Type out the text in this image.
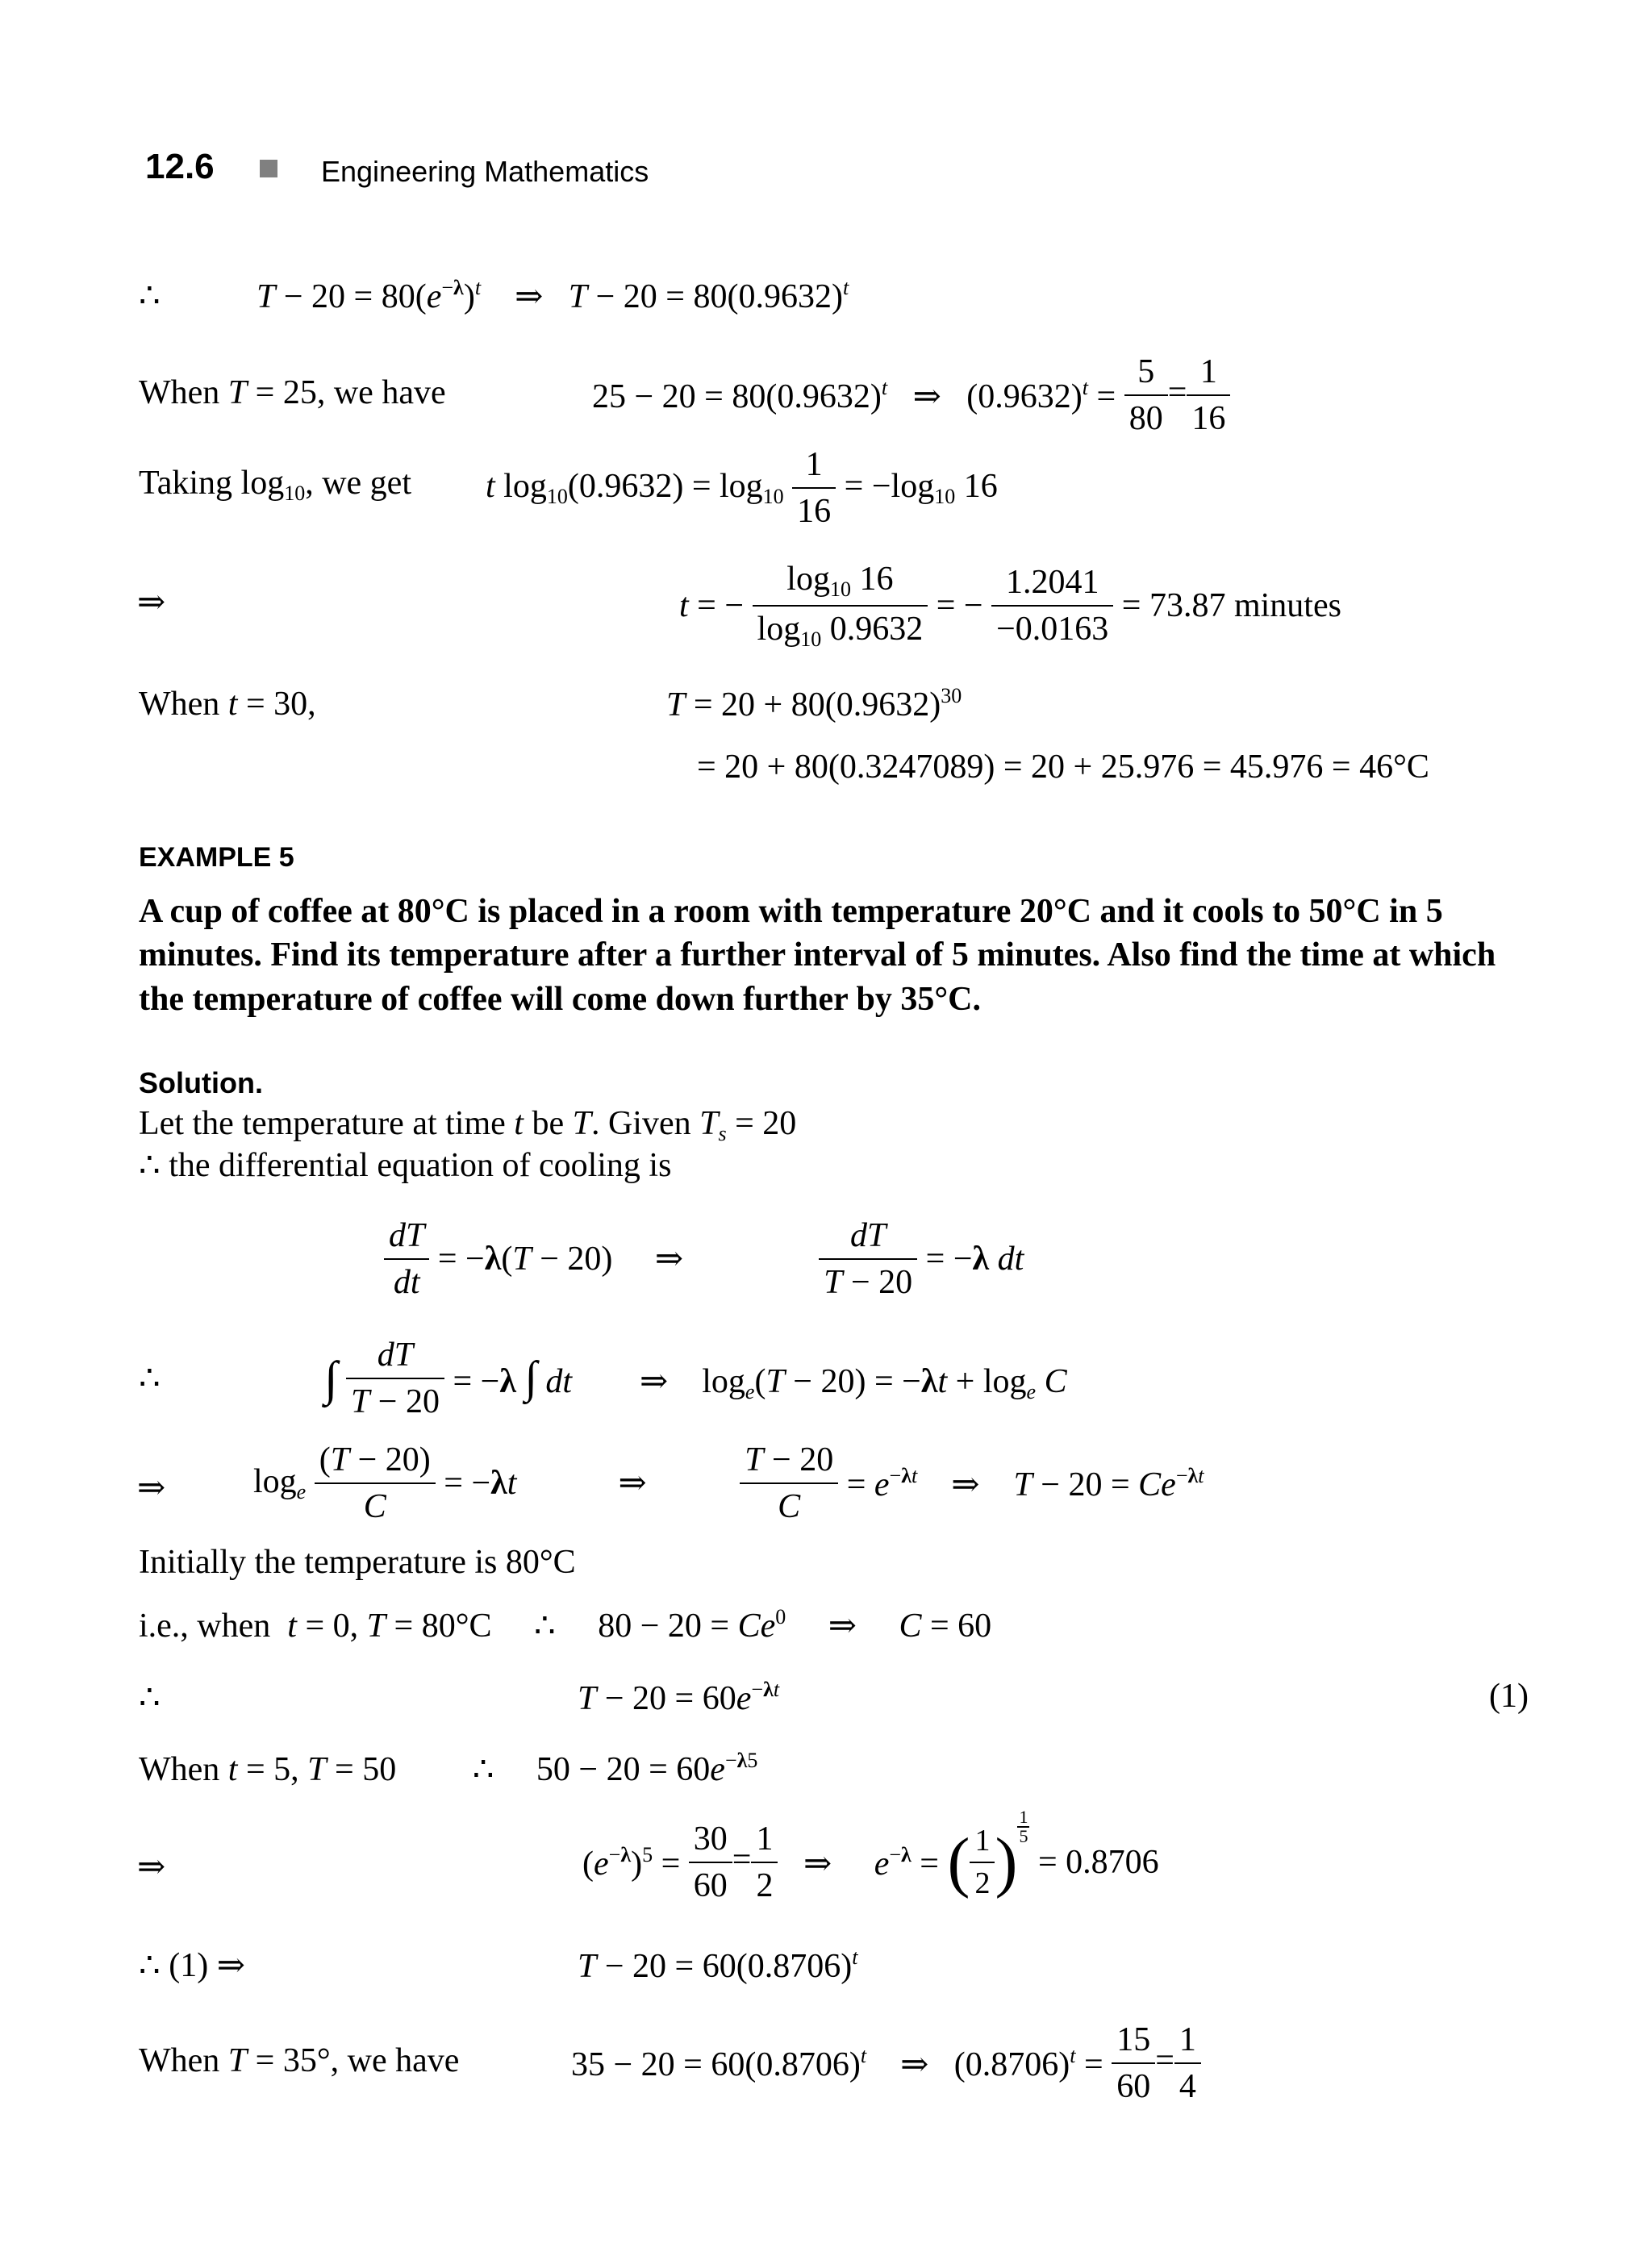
12.6	Engineering Mathematics
∴	$T - 20 = 80(e^{-\lambda})^t$    ⇒   $T - 20 = 80(0.9632)^t$
When T = 25, we have	$25 - 20 = 80(0.9632)^t$   ⇒   $(0.9632)^t = \frac{5}{80} = \frac{1}{16}$
Taking $\log_{10}$, we get t $\log_{10}(0.9632) = \log_{10} \frac{1}{16} = -\log_{10}$ 16
⇒	t = − $\frac{\log_{10} 16}{\log_{10} 0.9632}$ = − $\frac{1.2041}{-0.0163} = 73.87$ minutes
When t = 30,	$T = 20 + 80(0.9632)^{30}$
= 20 + 80(0.3247089) = 20 + 25.976 = 45.976 = 46°C
EXAMPLE 5
A cup of coffee at 80°C is placed in a room with temperature 20°C and it cools to 50°C in 5
minutes. Find its temperature after a further interval of 5 minutes. Also find the time at which
the temperature of coffee will come down further by 35°C.
Solution.
Let the temperature at time t be T. Given $T_s = 20$
∴ the differential equation of cooling is
$\frac{dT}{dt} = -\lambda(T - 20)$     ⇒ $\frac{dT}{T - 20} = -\lambda$ dt
∴	∫ $\frac{dT}{T - 20} = -\lambda$ ∫ dt        ⇒    $\log_e(T - 20) = -\lambda t + \log_e C$
⇒	$\log_e \frac{(T - 20)}{C} = -\lambda t$            ⇒ $\frac{T - 20}{C} = e^{-\lambda t}$    ⇒    $T - 20 = Ce^{-\lambda t}$
Initially the temperature is 80°C
i.e., when  t = 0, T = 80°C     ∴     $80 - 20 = Ce^0$     ⇒     C = 60
∴	$T - 20 = 60e^{-\lambda t}$	(1)
When t = 5, T = 50         ∴     $50 - 20 = 60e^{-\lambda 5}$
⇒	$(e^{-\lambda})^5 = \frac{30}{60} = \frac{1}{2}$ ⇒     $e^{-\lambda}$ = ( $\frac{1}{2}$ ) $\frac{1}{5}$
= 0.8706
∴ (1) ⇒	$T - 20 = 60(0.8706)^t$
When T = 35°, we have	$35 - 20 = 60(0.8706)^t$    ⇒   $(0.8706)^t = \frac{15}{60} = \frac{1}{4}$
